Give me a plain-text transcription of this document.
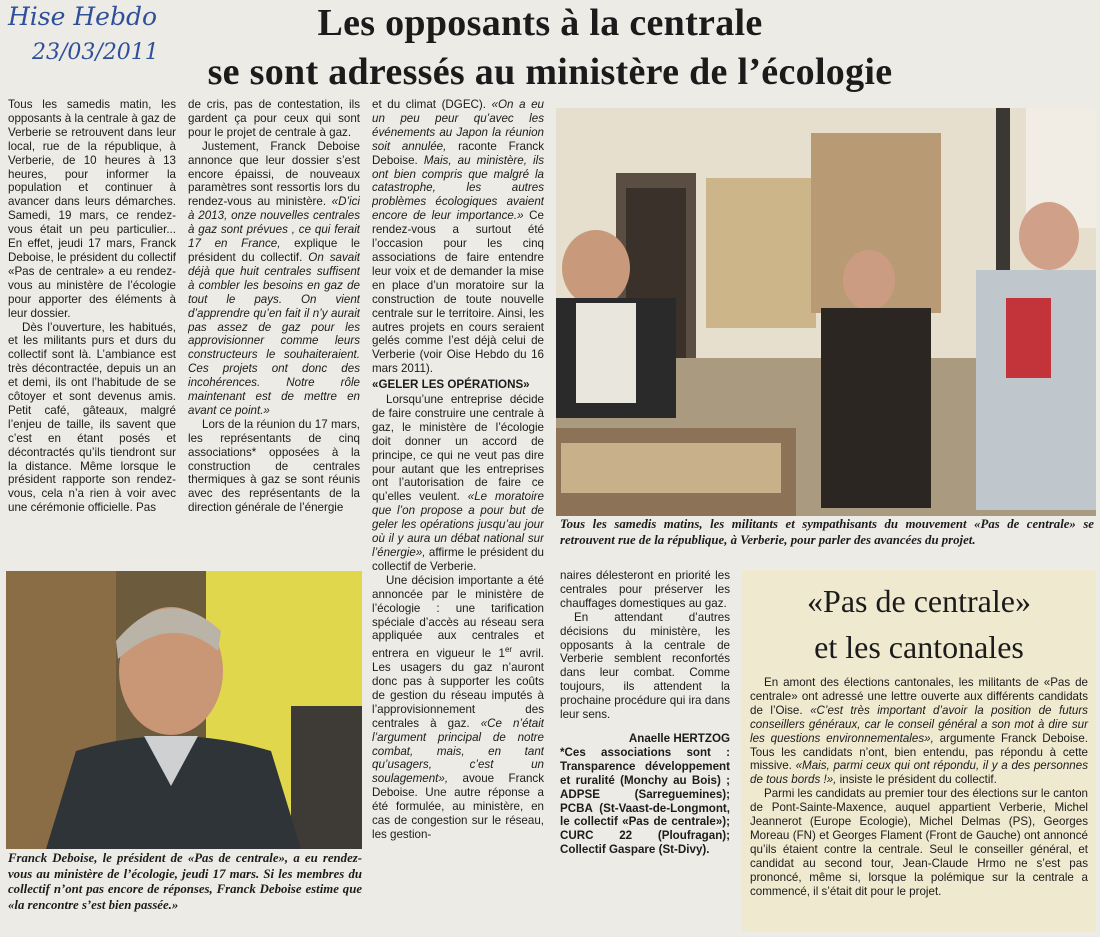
Hise Hebdo
23/03/2011
Les opposants à la centrale
se sont adressés au ministère de l’écologie

Tous les samedis matin, les opposants à la centrale à gaz de Verberie se retrouvent dans leur local, rue de la république, à Verberie, de 10 heures à 13 heures, pour informer la population et continuer à avancer dans leurs démarches. Samedi, 19 mars, ce rendez-vous était un peu particulier... En effet, jeudi 17 mars, Franck Deboise, le président du collectif «Pas de centrale» a eu rendez-vous au ministère de l’écologie pour apporter des éléments à leur dossier.

Dès l’ouverture, les habitués, et les militants purs et durs du collectif sont là. L’ambiance est très décontractée, depuis un an et demi, ils ont l’habitude de se côtoyer et sont devenus amis. Petit café, gâteaux, malgré l’enjeu de taille, ils savent que c’est en étant posés et décontractés qu’ils tiendront sur la distance. Même lorsque le président rapporte son rendez-vous, cela n’a rien à voir avec une cérémonie officielle. Pas

de cris, pas de contestation, ils gardent ça pour ceux qui sont pour le projet de centrale à gaz.

Justement, Franck Deboise annonce que leur dossier s’est encore épaissi, de nouveaux paramètres sont ressortis lors du rendez-vous au ministère. «D’ici à 2013, onze nouvelles centrales à gaz sont prévues , ce qui ferait 17 en France, explique le président du collectif. On savait déjà que huit centrales suffisent à combler les besoins en gaz de tout le pays. On vient d’apprendre qu’en fait il n’y aurait pas assez de gaz pour les approvisionner comme leurs constructeurs le souhaiteraient. Ces projets ont donc des incohérences. Notre rôle maintenant est de mettre en avant ce point.»

Lors de la réunion du 17 mars, les représentants de cinq associations* opposées à la construction de centrales thermiques à gaz se sont réunis avec des représentants de la direction générale de l’énergie

et du climat (DGEC). «On a eu un peu peur qu’avec les événements au Japon la réunion soit annulée, raconte Franck Deboise. Mais, au ministère, ils ont bien compris que malgré la catastrophe, les autres problèmes écologiques avaient encore de leur importance.» Ce rendez-vous a surtout été l’occasion pour les cinq associations de faire entendre leur voix et de demander la mise en place d’un moratoire sur la construction de toute nouvelle centrale sur le territoire. Ainsi, les autres projets en cours seraient gelés comme l’est déjà celui de Verberie (voir Oise Hebdo du 16 mars 2011).

«GELER LES OPÉRATIONS»

Lorsqu’une entreprise décide de faire construire une centrale à gaz, le ministère de l’écologie doit donner un accord de principe, ce qui ne veut pas dire pour autant que les entreprises ont l’autorisation de faire ce qu’elles veulent. «Le moratoire que l’on propose a pour but de geler les opérations jusqu’au jour où il y aura un débat national sur l’énergie», affirme le président du collectif de Verberie.

Une décision importante a été annoncée par le ministère de l’écologie : une tarification spéciale d’accès au réseau sera appliquée aux centrales et entrera en vigueur le 1er avril. Les usagers du gaz n’auront donc pas à supporter les coûts de gestion du réseau imputés à l’approvisionnement des centrales à gaz. «Ce n’était l’argument principal de notre combat, mais, en tant qu’usagers, c’est un soulagement», avoue Franck Deboise. Une autre réponse a été formulée, au ministère, en cas de congestion sur le réseau, les gestion-

Tous les samedis matins, les militants et sympathisants du mouvement «Pas de centrale» se retrouvent rue de la république, à Verberie, pour parler des avancées du projet.

Franck Deboise, le président de «Pas de centrale», a eu rendez-vous au ministère de l’écologie, jeudi 17 mars. Si les membres du collectif n’ont pas encore de réponses, Franck Deboise estime que «la rencontre s’est bien passée.»

naires délesteront en priorité les centrales pour préserver les chauffages domestiques au gaz.

En attendant d’autres décisions du ministère, les opposants à la centrale de Verberie semblent reconfortés dans leur combat. Comme toujours, ils attendent la prochaine procédure qui ira dans leur sens.

Anaelle HERTZOG

*Ces associations sont : Transparence développement et ruralité (Monchy au Bois) ; ADPSE (Sarreguemines); PCBA (St-Vaast-de-Longmont, le collectif «Pas de centrale»); CURC 22 (Ploufragan); Collectif Gaspare (St-Divy).

«Pas de centrale»
et les cantonales

En amont des élections cantonales, les militants de «Pas de centrale» ont adressé une lettre ouverte aux différents candidats de l’Oise. «C’est très important d’avoir la position de futurs conseillers généraux, car le conseil général a son mot à dire sur les questions environnementales», argumente Franck Deboise. Tous les candidats n’ont, bien entendu, pas répondu à cette missive. «Mais, parmi ceux qui ont répondu, il y a des personnes de tous bords !», insiste le président du collectif.

Parmi les candidats au premier tour des élections sur le canton de Pont-Sainte-Maxence, auquel appartient Verberie, Michel Jeannerot (Europe Ecologie), Michel Delmas (PS), Georges Moreau (FN) et Georges Flament (Front de Gauche) ont annoncé qu’ils étaient contre la centrale. Seul le conseiller général, et candidat au second tour, Jean-Claude Hrmo ne s’est pas prononcé, même si, lorsque la polémique sur la centrale a commencé, il s’était dit pour le projet.
